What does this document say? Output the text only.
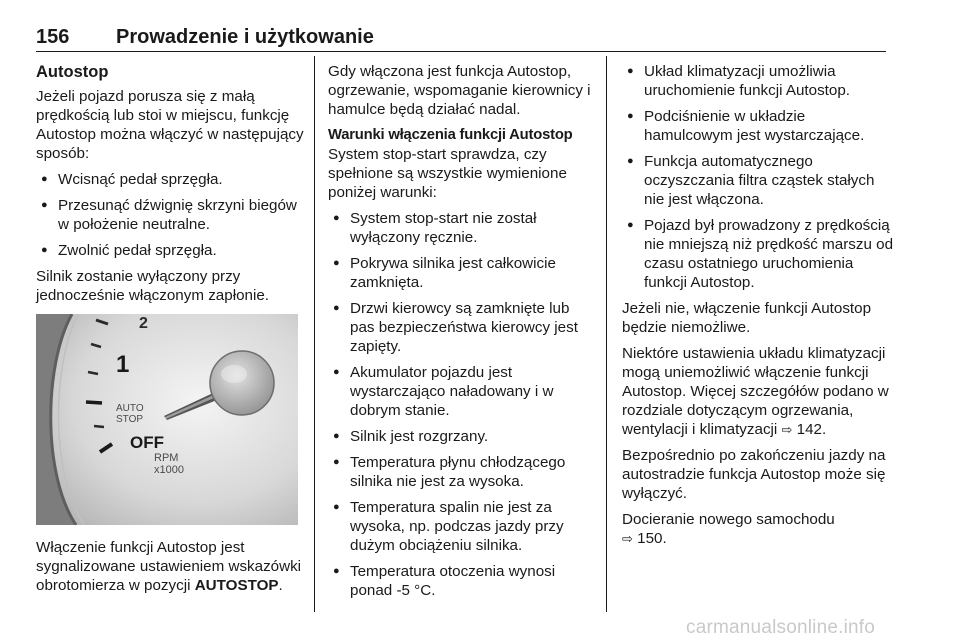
156 Prowadzenie i użytkowanie
Autostop

Jeżeli pojazd porusza się z małą prędkością lub stoi w miejscu, funkcję Autostop można włączyć w następujący sposób:

● Wcisnąć pedał sprzęgła.
● Przesunąć dźwignię skrzyni biegów w położenie neutralne.
● Zwolnić pedał sprzęgła.

Silnik zostanie wyłączony przy jednocześnie włączonym zapłonie.

2
1
AUTO
STOP
OFF
RPM
x1000

Włączenie funkcji Autostop jest sygnalizowane ustawieniem wskazówki obrotomierza w pozycji AUTOSTOP.

Gdy włączona jest funkcja Autostop, ogrzewanie, wspomaganie kierownicy i hamulce będą działać nadal.

Warunki włączenia funkcji Autostop

System stop-start sprawdza, czy spełnione są wszystkie wymienione poniżej warunki:

● System stop-start nie został wyłączony ręcznie.
● Pokrywa silnika jest całkowicie zamknięta.
● Drzwi kierowcy są zamknięte lub pas bezpieczeństwa kierowcy jest zapięty.
● Akumulator pojazdu jest wystarczająco naładowany i w dobrym stanie.
● Silnik jest rozgrzany.
● Temperatura płynu chłodzącego silnika nie jest za wysoka.
● Temperatura spalin nie jest za wysoka, np. podczas jazdy przy dużym obciążeniu silnika.
● Temperatura otoczenia wynosi ponad -5 °C.
● Układ klimatyzacji umożliwia uruchomienie funkcji Autostop.
● Podciśnienie w układzie hamulcowym jest wystarczające.
● Funkcja automatycznego oczyszczania filtra cząstek stałych nie jest włączona.
● Pojazd był prowadzony z prędkością nie mniejszą niż prędkość marszu od czasu ostatniego uruchomienia funkcji Autostop.

Jeżeli nie, włączenie funkcji Autostop będzie niemożliwe.

Niektóre ustawienia układu klimatyzacji mogą uniemożliwić włączenie funkcji Autostop. Więcej szczegółów podano w rozdziale dotyczącym ogrzewania, wentylacji i klimatyzacji ⇨ 142.

Bezpośrednio po zakończeniu jazdy na autostradzie funkcja Autostop może się wyłączyć.

Docieranie nowego samochodu
⇨ 150.

carmanualsonline.info
